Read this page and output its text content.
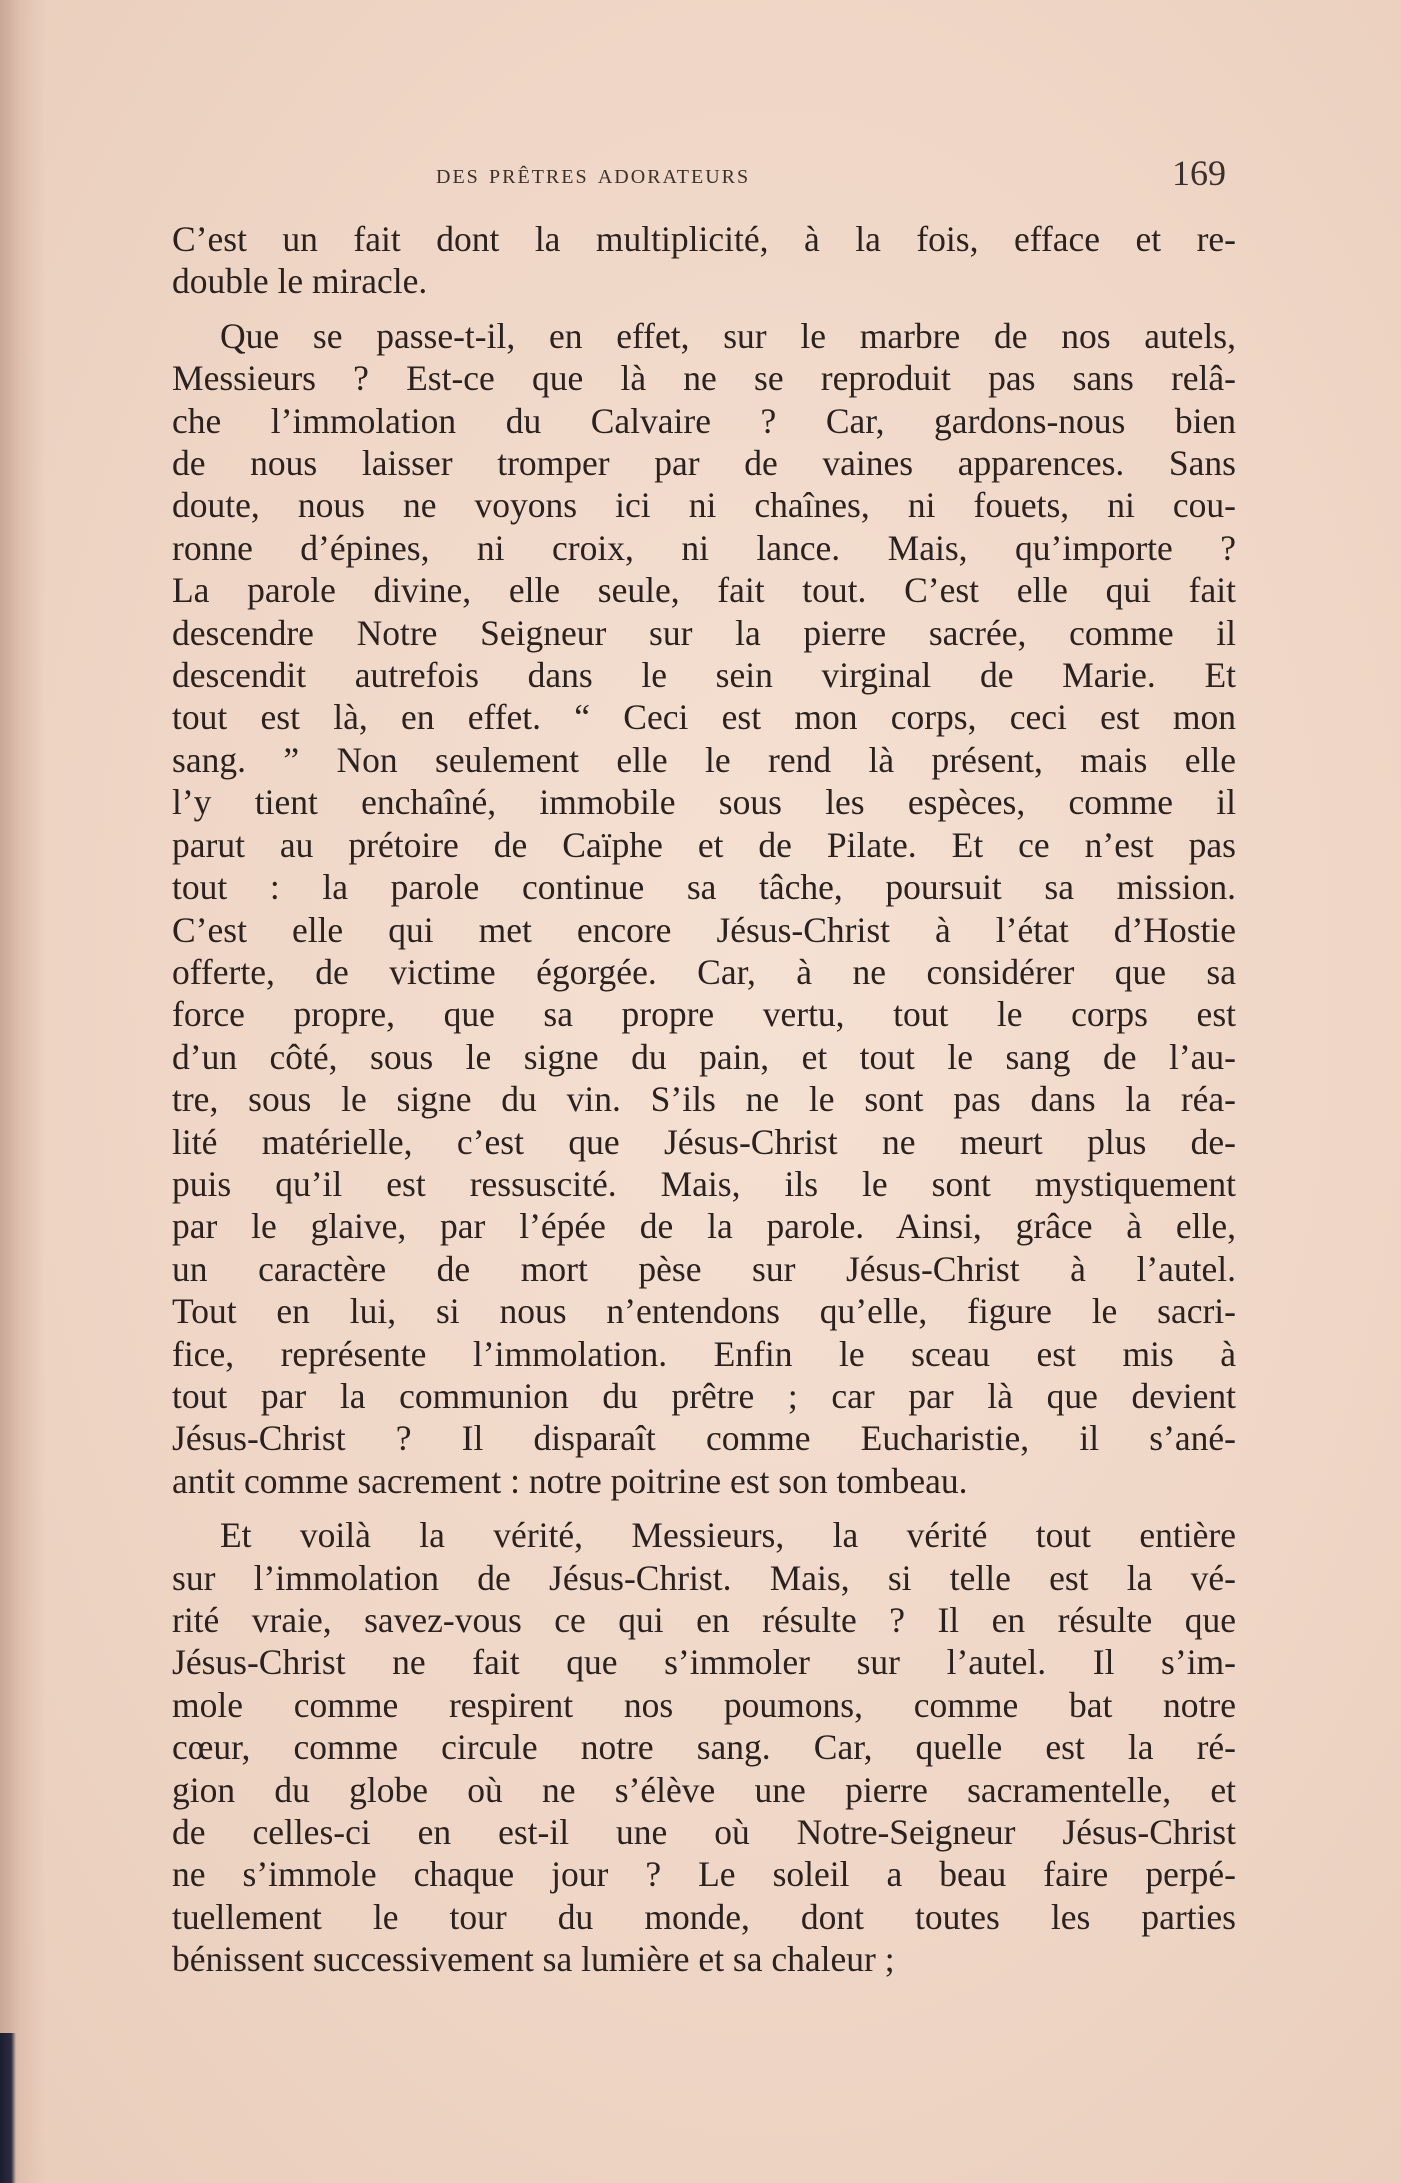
des prêtres adorateurs	169
C’est un fait dont la multiplicité, à la fois, efface et re-
double le miracle.
Que se passe-t-il, en effet, sur le marbre de nos autels,
Messieurs ? Est-ce que là ne se reproduit pas sans relâ-
che l’immolation du Calvaire ? Car, gardons-nous bien
de nous laisser tromper par de vaines apparences. Sans
doute, nous ne voyons ici ni chaînes, ni fouets, ni cou-
ronne d’épines, ni croix, ni lance. Mais, qu’importe ?
La parole divine, elle seule, fait tout. C’est elle qui fait
descendre Notre Seigneur sur la pierre sacrée, comme il
descendit autrefois dans le sein virginal de Marie. Et
tout est là, en effet. “ Ceci est mon corps, ceci est mon
sang. ” Non seulement elle le rend là présent, mais elle
l’y tient enchaîné, immobile sous les espèces, comme il
parut au prétoire de Caïphe et de Pilate. Et ce n’est pas
tout : la parole continue sa tâche, poursuit sa mission.
C’est elle qui met encore Jésus-Christ à l’état d’Hostie
offerte, de victime égorgée. Car, à ne considérer que sa
force propre, que sa propre vertu, tout le corps est
d’un côté, sous le signe du pain, et tout le sang de l’au-
tre, sous le signe du vin. S’ils ne le sont pas dans la réa-
lité matérielle, c’est que Jésus-Christ ne meurt plus de-
puis qu’il est ressuscité. Mais, ils le sont mystiquement
par le glaive, par l’épée de la parole. Ainsi, grâce à elle,
un caractère de mort pèse sur Jésus-Christ à l’autel.
Tout en lui, si nous n’entendons qu’elle, figure le sacri-
fice, représente l’immolation. Enfin le sceau est mis à
tout par la communion du prêtre ; car par là que devient
Jésus-Christ ? Il disparaît comme Eucharistie, il s’ané-
antit comme sacrement : notre poitrine est son tombeau.
Et voilà la vérité, Messieurs, la vérité tout entière
sur l’immolation de Jésus-Christ. Mais, si telle est la vé-
rité vraie, savez-vous ce qui en résulte ? Il en résulte que
Jésus-Christ ne fait que s’immoler sur l’autel. Il s’im-
mole comme respirent nos poumons, comme bat notre
cœur, comme circule notre sang. Car, quelle est la ré-
gion du globe où ne s’élève une pierre sacramentelle, et
de celles-ci en est-il une où Notre-Seigneur Jésus-Christ
ne s’immole chaque jour ? Le soleil a beau faire perpé-
tuellement le tour du monde, dont toutes les parties
bénissent successivement sa lumière et sa chaleur ;
